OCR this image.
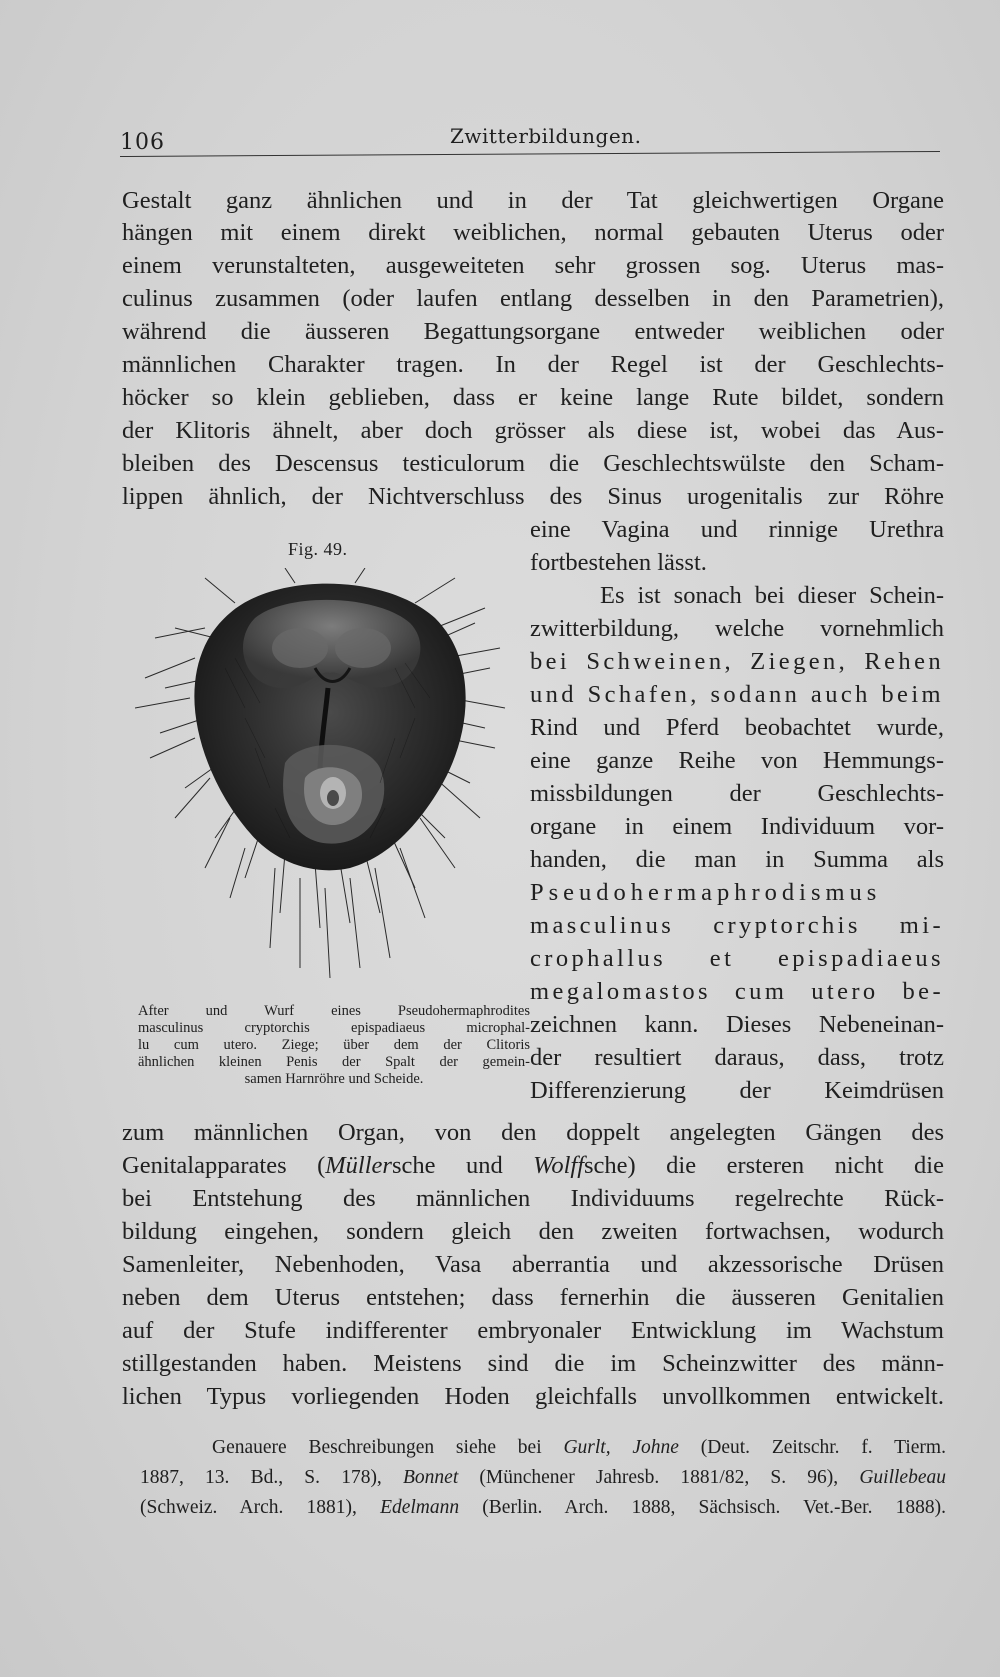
106	Zwitterbildungen.
Gestalt ganz ähnlichen und in der Tat gleichwertigen Organe
hängen mit einem direkt weiblichen, normal gebauten Uterus oder
einem verunstalteten, ausgeweiteten sehr grossen sog. Uterus mas-
culinus zusammen (oder laufen entlang desselben in den Parametrien),
während die äusseren Begattungsorgane entweder weiblichen oder
männlichen Charakter tragen. In der Regel ist der Geschlechts-
höcker so klein geblieben, dass er keine lange Rute bildet, sondern
der Klitoris ähnelt, aber doch grösser als diese ist, wobei das Aus-
bleiben des Descensus testiculorum die Geschlechtswülste den Scham-
lippen ähnlich, der Nichtverschluss des Sinus urogenitalis zur Röhre
eine Vagina und rinnige Urethra
fortbestehen lässt.
Es ist sonach bei dieser Schein-
zwitterbildung, welche vornehmlich
bei Schweinen, Ziegen, Rehen
und Schafen, sodann auch beim
Rind und Pferd beobachtet wurde,
eine ganze Reihe von Hemmungs-
missbildungen der Geschlechts-
organe in einem Individuum vor-
handen, die man in Summa als
Pseudohermaphrodismus
masculinus cryptorchis mi-
crophallus et epispadiaeus
megalomastos cum utero be-
zeichnen kann. Dieses Nebeneinan-
der resultiert daraus, dass, trotz
Differenzierung der Keimdrüsen
zum männlichen Organ, von den doppelt angelegten Gängen des
Genitalapparates (Müllersche und Wolffsche) die ersteren nicht die
bei Entstehung des männlichen Individuums regelrechte Rück-
bildung eingehen, sondern gleich den zweiten fortwachsen, wodurch
Samenleiter, Nebenhoden, Vasa aberrantia und akzessorische Drüsen
neben dem Uterus entstehen; dass fernerhin die äusseren Genitalien
auf der Stufe indifferenter embryonaler Entwicklung im Wachstum
stillgestanden haben. Meistens sind die im Scheinzwitter des männ-
lichen Typus vorliegenden Hoden gleichfalls unvollkommen entwickelt.
Genauere Beschreibungen siehe bei Gurlt, Johne (Deut. Zeitschr. f. Tierm.
1887, 13. Bd., S. 178), Bonnet (Münchener Jahresb. 1881/82, S. 96), Guillebeau
(Schweiz. Arch. 1881), Edelmann (Berlin. Arch. 1888, Sächsisch. Vet.-Ber. 1888).
Fig. 49.
After und Wurf eines Pseudohermaphrodites
masculinus cryptorchis epispadiaeus microphal-
lu cum utero. Ziege; über dem der Clitoris
ähnlichen kleinen Penis der Spalt der gemein-
samen Harnröhre und Scheide.
